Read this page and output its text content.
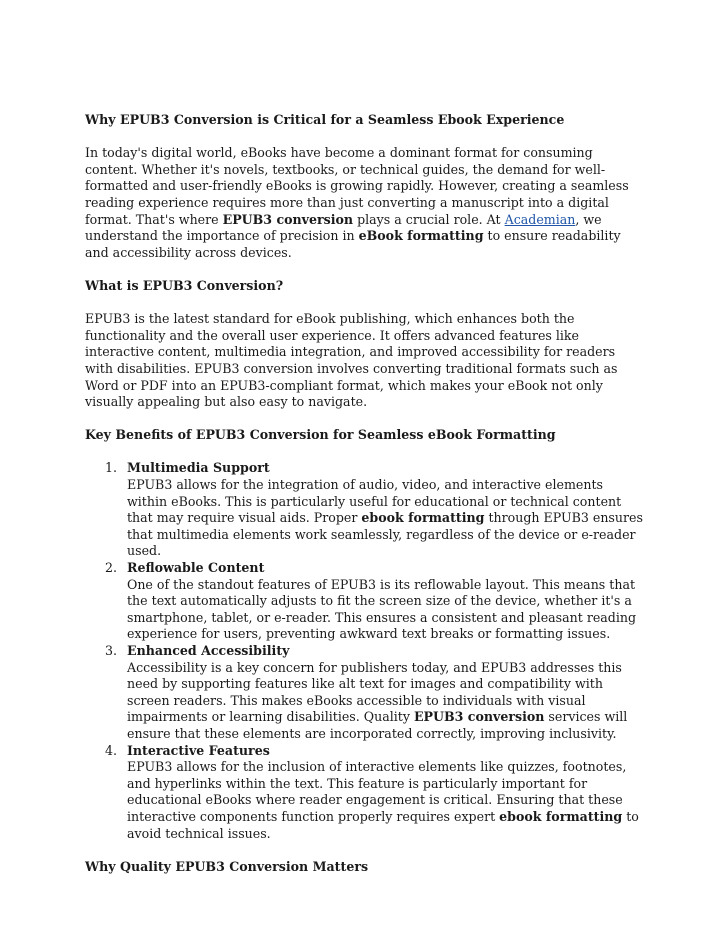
Why EPUB3 Conversion is Critical for a Seamless Ebook Experience

In today's digital world, eBooks have become a dominant format for consuming content. Whether it's novels, textbooks, or technical guides, the demand for well-formatted and user-friendly eBooks is growing rapidly. However, creating a seamless reading experience requires more than just converting a manuscript into a digital format. That's where EPUB3 conversion plays a crucial role. At Academian, we understand the importance of precision in eBook formatting to ensure readability and accessibility across devices.

What is EPUB3 Conversion?

EPUB3 is the latest standard for eBook publishing, which enhances both the functionality and the overall user experience. It offers advanced features like interactive content, multimedia integration, and improved accessibility for readers with disabilities. EPUB3 conversion involves converting traditional formats such as Word or PDF into an EPUB3-compliant format, which makes your eBook not only visually appealing but also easy to navigate.

Key Benefits of EPUB3 Conversion for Seamless eBook Formatting

1. Multimedia Support
EPUB3 allows for the integration of audio, video, and interactive elements within eBooks. This is particularly useful for educational or technical content that may require visual aids. Proper ebook formatting through EPUB3 ensures that multimedia elements work seamlessly, regardless of the device or e-reader used.
2. Reflowable Content
One of the standout features of EPUB3 is its reflowable layout. This means that the text automatically adjusts to fit the screen size of the device, whether it's a smartphone, tablet, or e-reader. This ensures a consistent and pleasant reading experience for users, preventing awkward text breaks or formatting issues.
3. Enhanced Accessibility
Accessibility is a key concern for publishers today, and EPUB3 addresses this need by supporting features like alt text for images and compatibility with screen readers. This makes eBooks accessible to individuals with visual impairments or learning disabilities. Quality EPUB3 conversion services will ensure that these elements are incorporated correctly, improving inclusivity.
4. Interactive Features
EPUB3 allows for the inclusion of interactive elements like quizzes, footnotes, and hyperlinks within the text. This feature is particularly important for educational eBooks where reader engagement is critical. Ensuring that these interactive components function properly requires expert ebook formatting to avoid technical issues.

Why Quality EPUB3 Conversion Matters
